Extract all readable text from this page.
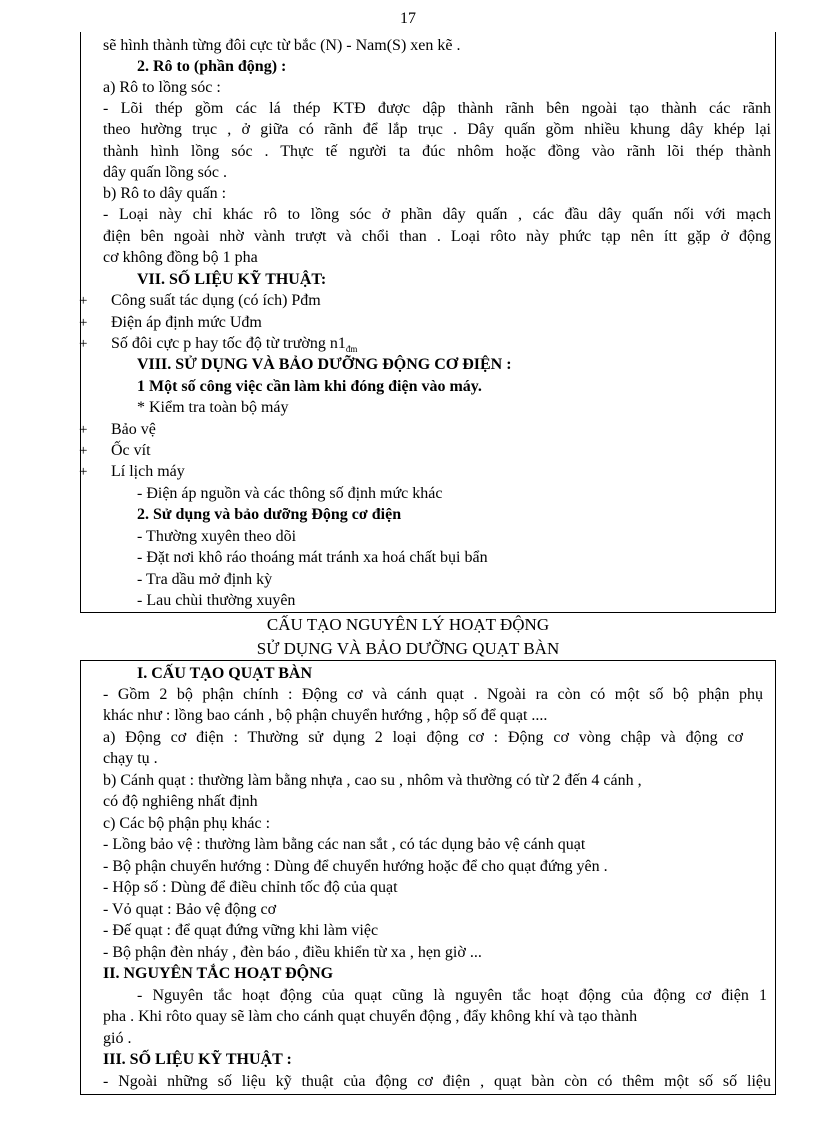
17
sẽ hình thành từng đôi cực từ bắc (N) - Nam(S) xen kẽ .
2. Rô to (phần động) :
a) Rô to lồng sóc :
- Lõi thép gồm các lá thép KTĐ được dập thành rãnh bên ngoài tạo thành các rãnh
theo hường trục , ở giữa có rãnh để lắp trục . Dây quấn gồm nhiều khung dây khép lại
thành hình lồng sóc . Thực tế người ta đúc nhôm hoặc đồng vào rãnh lõi thép thành
dây quấn lồng sóc .
b) Rô to dây quấn :
- Loại này chỉ khác rô to lồng sóc ở phần dây quấn , các đầu dây quấn nối với mạch
điện bên ngoài nhờ vành trượt và chổi than . Loại rôto này phức tạp nên ítt gặp ở động
cơ không đồng bộ 1 pha
VII. SỐ LIỆU KỸ THUẬT:
+ Công suất tác dụng (có ích) Pđm
+ Điện áp định mức Uđm
+ Số đôi cực p hay tốc độ từ trường $n1_{đm}$
VIII. SỬ DỤNG VÀ BẢO DƯỠNG ĐỘNG CƠ ĐIỆN :
1 Một số công việc cần làm khi đóng điện vào máy.
* Kiểm tra toàn bộ máy
+ Bảo vệ
+ Ốc vít
+ Lí lịch máy
- Điện áp nguồn và các thông số định mức khác
2. Sử dụng và bảo dưỡng Động cơ điện
- Thường xuyên theo dõi
- Đặt nơi khô ráo thoáng mát tránh xa hoá chất bụi bẩn
- Tra dầu mở định kỳ
- Lau chùi thường xuyên
CẤU TẠO NGUYÊN LÝ HOẠT ĐỘNG
SỬ DỤNG VÀ BẢO DƯỠNG QUẠT BÀN
I. CẤU TẠO QUẠT BÀN
- Gồm 2 bộ phận chính : Động cơ và cánh quạt . Ngoài ra còn có một số bộ phận phụ
khác như : lồng bao cánh , bộ phận chuyển hướng , hộp số để quạt ....
a) Động cơ điện : Thường sử dụng 2 loại động cơ : Động cơ vòng chập và động cơ
chạy tụ .
b) Cánh quạt : thường làm bằng nhựa , cao su , nhôm và thường có từ 2 đến 4 cánh ,
có độ nghiêng nhất định
c) Các bộ phận phụ khác :
- Lồng bảo vệ : thường làm bằng các nan sắt , có tác dụng bảo vệ cánh quạt
- Bộ phận chuyển hướng : Dùng để chuyển hướng hoặc để cho quạt đứng yên .
- Hộp số : Dùng để điều chỉnh tốc độ của quạt
- Vỏ quạt : Bảo vệ động cơ
- Đế quạt : để quạt đứng vững khi làm việc
- Bộ phận đèn nháy , đèn báo , điều khiển từ xa , hẹn giờ ...
II. NGUYÊN TẮC HOẠT ĐỘNG
- Nguyên tắc hoạt động của quạt cũng là nguyên tắc hoạt động của động cơ điện 1
pha . Khi rôto quay sẽ làm cho cánh quạt chuyển động , đẩy không khí và tạo thành
gió .
III. SỐ LIỆU KỸ THUẬT :
- Ngoài những số liệu kỹ thuật của động cơ điện , quạt bàn còn có thêm một số số liệu
